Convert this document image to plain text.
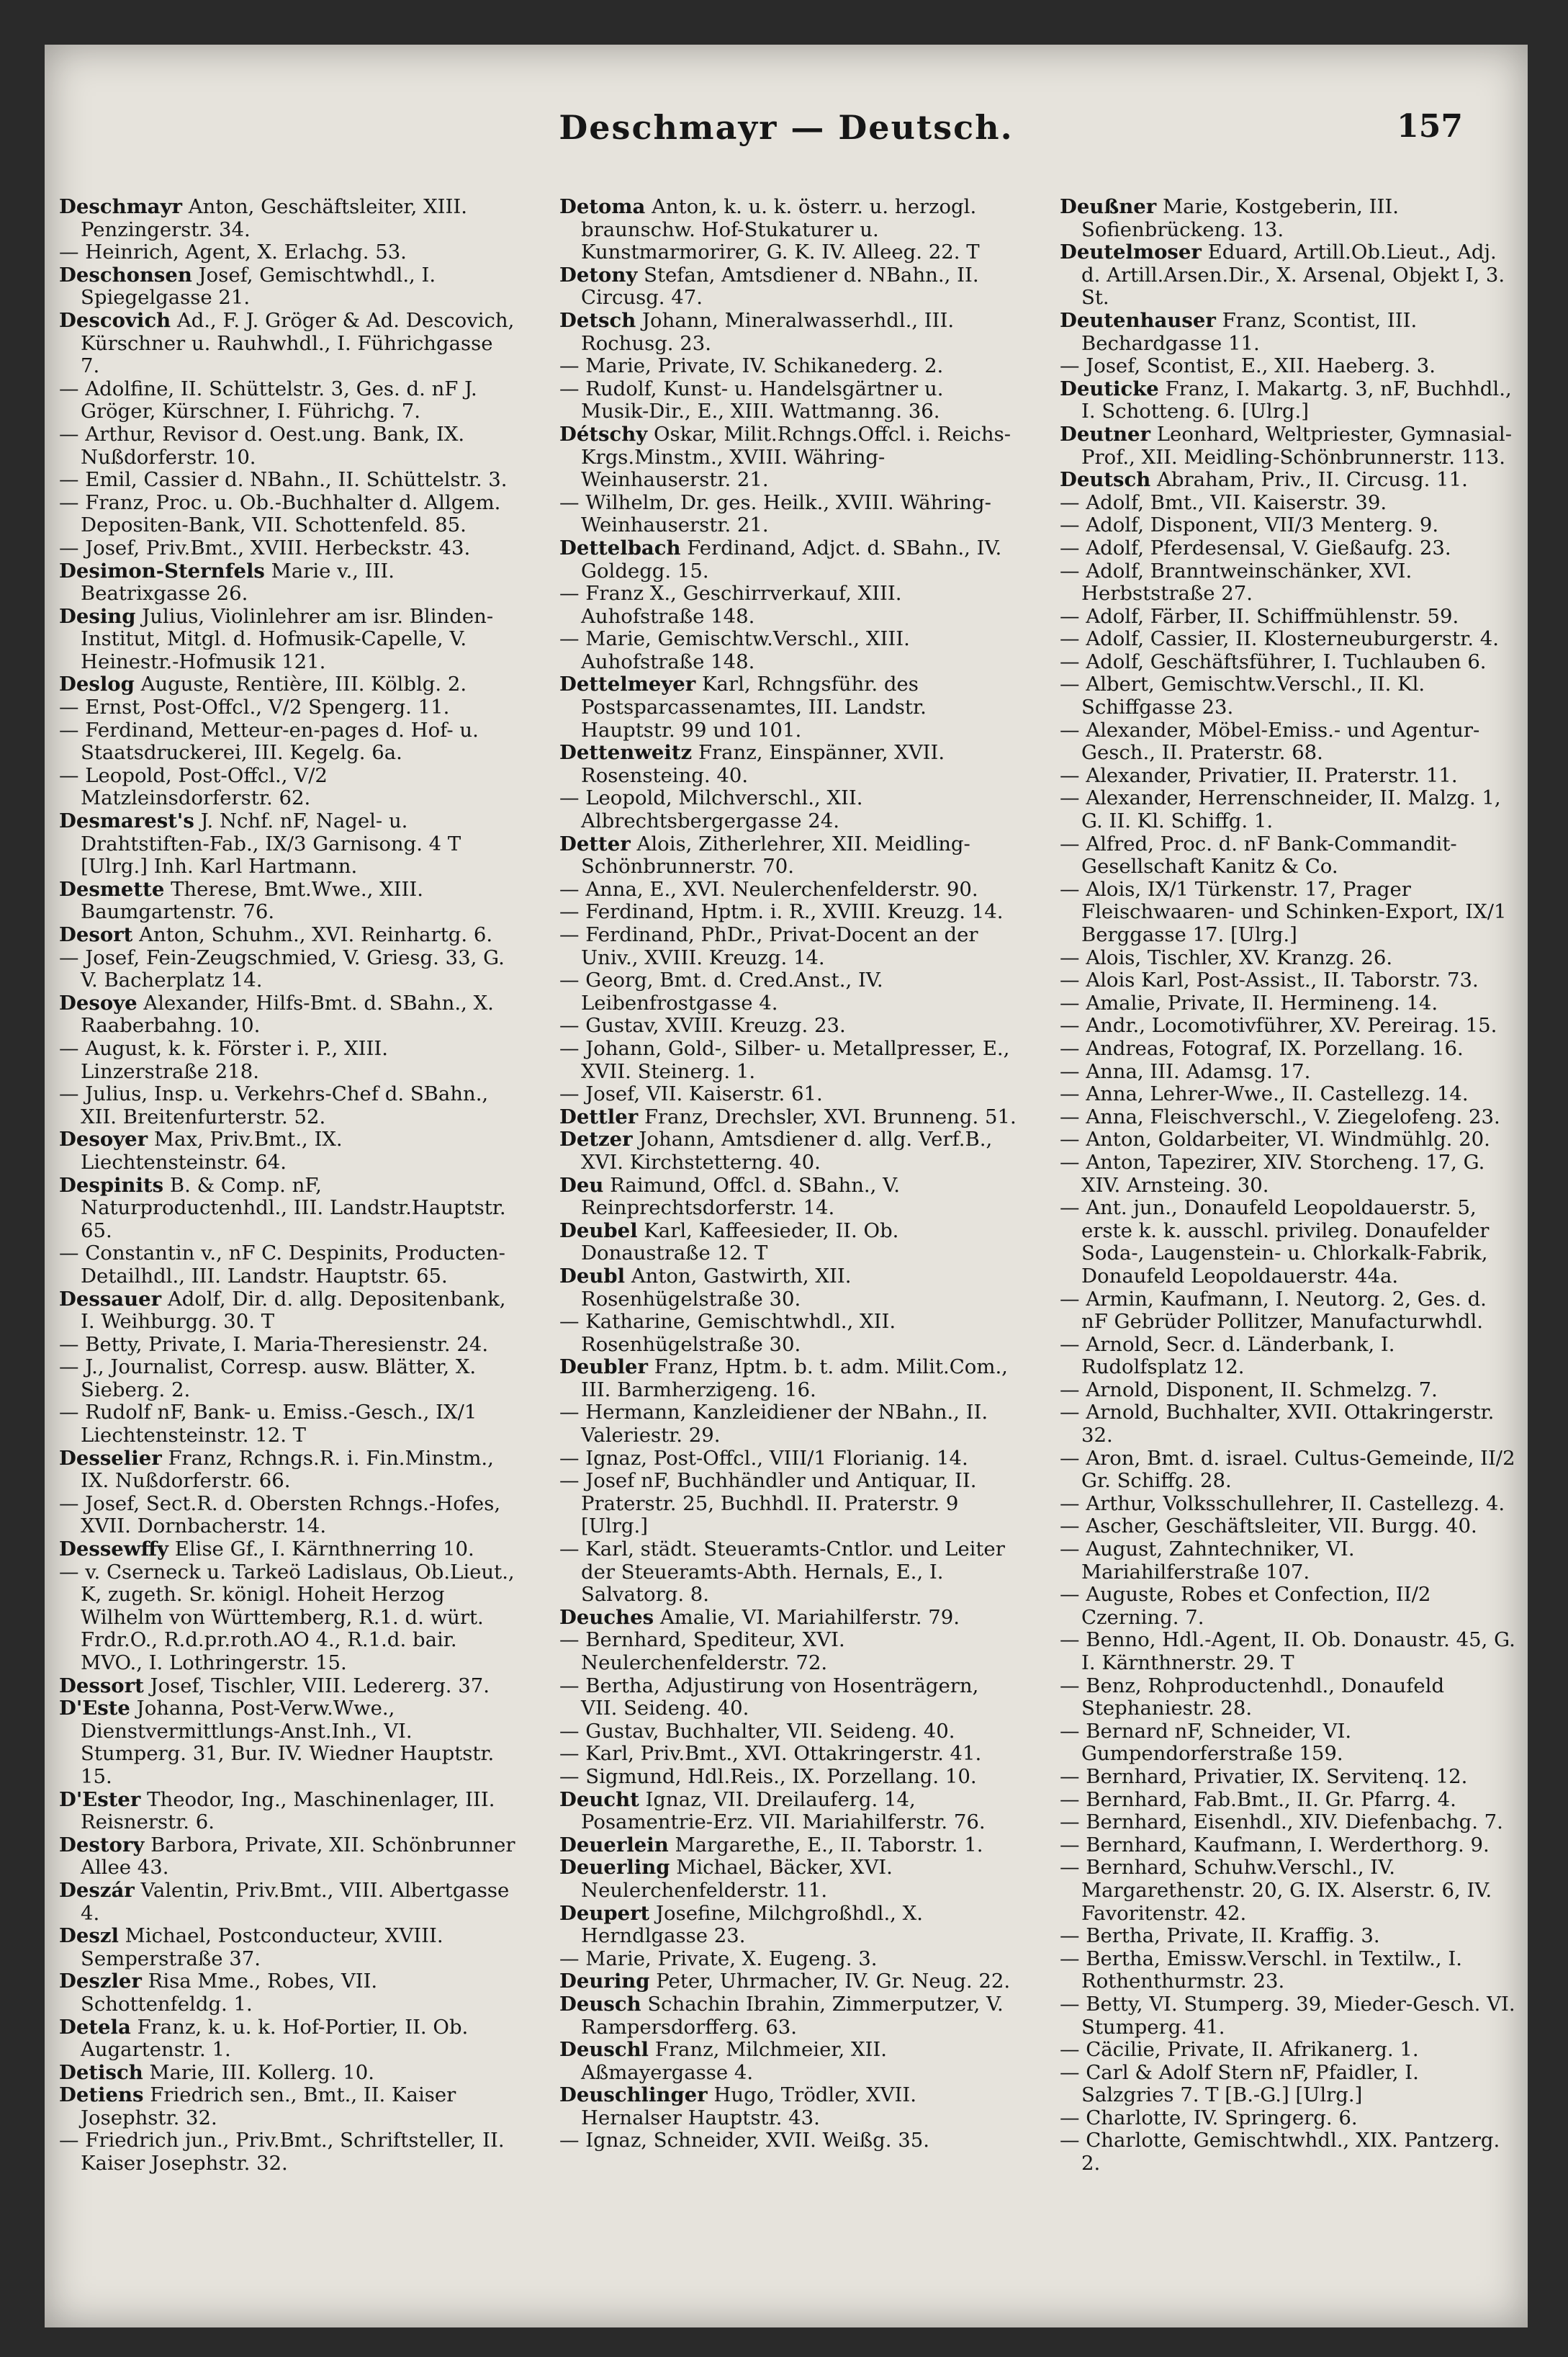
Deschmayr — Deutsch.	157
Deschmayr Anton, Geschäftsleiter, XIII. Penzingerstr. 34.
— Heinrich, Agent, X. Erlachg. 53.
Deschonsen Josef, Gemischtwhdl., I. Spiegelgasse 21.
Descovich Ad., F. J. Gröger & Ad. Descovich, Kürschner u. Rauhwhdl., I. Führichgasse 7.
— Adolfine, II. Schüttelstr. 3, Ges. d. nF J. Gröger, Kürschner, I. Führichg. 7.
— Arthur, Revisor d. Oest.ung. Bank, IX. Nußdorferstr. 10.
— Emil, Cassier d. NBahn., II. Schüttelstr. 3.
— Franz, Proc. u. Ob.-Buchhalter d. Allgem. Depositen-Bank, VII. Schottenfeld. 85.
— Josef, Priv.Bmt., XVIII. Herbeckstr. 43.
Desimon-Sternfels Marie v., III. Beatrixgasse 26.
Desing Julius, Violinlehrer am isr. Blinden-Institut, Mitgl. d. Hofmusik-Capelle, V. Heinestr.-Hofmusik 121.
Deslog Auguste, Rentière, III. Kölblg. 2.
— Ernst, Post-Offcl., V/2 Spengerg. 11.
— Ferdinand, Metteur-en-pages d. Hof- u. Staatsdruckerei, III. Kegelg. 6a.
— Leopold, Post-Offcl., V/2 Matzleinsdorferstr. 62.
Desmarest's J. Nchf. nF, Nagel- u. Drahtstiften-Fab., IX/3 Garnisong. 4 T [Ulrg.] Inh. Karl Hartmann.
Desmette Therese, Bmt.Wwe., XIII. Baumgartenstr. 76.
Desort Anton, Schuhm., XVI. Reinhartg. 6.
— Josef, Fein-Zeugschmied, V. Griesg. 33, G. V. Bacherplatz 14.
Desoye Alexander, Hilfs-Bmt. d. SBahn., X. Raaberbahng. 10.
— August, k. k. Förster i. P., XIII. Linzerstraße 218.
— Julius, Insp. u. Verkehrs-Chef d. SBahn., XII. Breitenfurterstr. 52.
Desoyer Max, Priv.Bmt., IX. Liechtensteinstr. 64.
Despinits B. & Comp. nF, Naturproductenhdl., III. Landstr.Hauptstr. 65.
— Constantin v., nF C. Despinits, Producten-Detailhdl., III. Landstr. Hauptstr. 65.
Dessauer Adolf, Dir. d. allg. Depositenbank, I. Weihburgg. 30. T
— Betty, Private, I. Maria-Theresienstr. 24.
— J., Journalist, Corresp. ausw. Blätter, X. Sieberg. 2.
— Rudolf nF, Bank- u. Emiss.-Gesch., IX/1 Liechtensteinstr. 12. T
Desselier Franz, Rchngs.R. i. Fin.Minstm., IX. Nußdorferstr. 66.
— Josef, Sect.R. d. Obersten Rchngs.-Hofes, XVII. Dornbacherstr. 14.
Dessewffy Elise Gf., I. Kärnthnerring 10.
— v. Cserneck u. Tarkeö Ladislaus, Ob.Lieut., K, zugeth. Sr. königl. Hoheit Herzog Wilhelm von Württemberg, R.1. d. würt. Frdr.O., R.d.pr.roth.AO 4., R.1.d. bair. MVO., I. Lothringerstr. 15.
Dessort Josef, Tischler, VIII. Ledererg. 37.
D'Este Johanna, Post-Verw.Wwe., Dienstvermittlungs-Anst.Inh., VI. Stumperg. 31, Bur. IV. Wiedner Hauptstr. 15.
D'Ester Theodor, Ing., Maschinenlager, III. Reisnerstr. 6.
Destory Barbora, Private, XII. Schönbrunner Allee 43.
Deszár Valentin, Priv.Bmt., VIII. Albertgasse 4.
Deszl Michael, Postconducteur, XVIII. Semperstraße 37.
Deszler Risa Mme., Robes, VII. Schottenfeldg. 1.
Detela Franz, k. u. k. Hof-Portier, II. Ob. Augartenstr. 1.
Detisch Marie, III. Kollerg. 10.
Detiens Friedrich sen., Bmt., II. Kaiser Josephstr. 32.
— Friedrich jun., Priv.Bmt., Schriftsteller, II. Kaiser Josephstr. 32.
Detoma Anton, k. u. k. österr. u. herzogl. braunschw. Hof-Stukaturer u. Kunstmarmorirer, G. K. IV. Alleeg. 22. T
Detony Stefan, Amtsdiener d. NBahn., II. Circusg. 47.
Detsch Johann, Mineralwasserhdl., III. Rochusg. 23.
— Marie, Private, IV. Schikanederg. 2.
— Rudolf, Kunst- u. Handelsgärtner u. Musik-Dir., E., XIII. Wattmanng. 36.
Détschy Oskar, Milit.Rchngs.Offcl. i. Reichs-Krgs.Minstm., XVIII. Währing-Weinhauserstr. 21.
— Wilhelm, Dr. ges. Heilk., XVIII. Währing-Weinhauserstr. 21.
Dettelbach Ferdinand, Adjct. d. SBahn., IV. Goldegg. 15.
— Franz X., Geschirrverkauf, XIII. Auhofstraße 148.
— Marie, Gemischtw.Verschl., XIII. Auhofstraße 148.
Dettelmeyer Karl, Rchngsführ. des Postsparcassenamtes, III. Landstr. Hauptstr. 99 und 101.
Dettenweitz Franz, Einspänner, XVII. Rosensteing. 40.
— Leopold, Milchverschl., XII. Albrechtsbergergasse 24.
Detter Alois, Zitherlehrer, XII. Meidling-Schönbrunnerstr. 70.
— Anna, E., XVI. Neulerchenfelderstr. 90.
— Ferdinand, Hptm. i. R., XVIII. Kreuzg. 14.
— Ferdinand, PhDr., Privat-Docent an der Univ., XVIII. Kreuzg. 14.
— Georg, Bmt. d. Cred.Anst., IV. Leibenfrostgasse 4.
— Gustav, XVIII. Kreuzg. 23.
— Johann, Gold-, Silber- u. Metallpresser, E., XVII. Steinerg. 1.
— Josef, VII. Kaiserstr. 61.
Dettler Franz, Drechsler, XVI. Brunneng. 51.
Detzer Johann, Amtsdiener d. allg. Verf.B., XVI. Kirchstetterng. 40.
Deu Raimund, Offcl. d. SBahn., V. Reinprechtsdorferstr. 14.
Deubel Karl, Kaffeesieder, II. Ob. Donaustraße 12. T
Deubl Anton, Gastwirth, XII. Rosenhügelstraße 30.
— Katharine, Gemischtwhdl., XII. Rosenhügelstraße 30.
Deubler Franz, Hptm. b. t. adm. Milit.Com., III. Barmherzigeng. 16.
— Hermann, Kanzleidiener der NBahn., II. Valeriestr. 29.
— Ignaz, Post-Offcl., VIII/1 Florianig. 14.
— Josef nF, Buchhändler und Antiquar, II. Praterstr. 25, Buchhdl. II. Praterstr. 9 [Ulrg.]
— Karl, städt. Steueramts-Cntlor. und Leiter der Steueramts-Abth. Hernals, E., I. Salvatorg. 8.
Deuches Amalie, VI. Mariahilferstr. 79.
— Bernhard, Spediteur, XVI. Neulerchenfelderstr. 72.
— Bertha, Adjustirung von Hosenträgern, VII. Seideng. 40.
— Gustav, Buchhalter, VII. Seideng. 40.
— Karl, Priv.Bmt., XVI. Ottakringerstr. 41.
— Sigmund, Hdl.Reis., IX. Porzellang. 10.
Deucht Ignaz, VII. Dreilauferg. 14, Posamentrie-Erz. VII. Mariahilferstr. 76.
Deuerlein Margarethe, E., II. Taborstr. 1.
Deuerling Michael, Bäcker, XVI. Neulerchenfelderstr. 11.
Deupert Josefine, Milchgroßhdl., X. Herndlgasse 23.
— Marie, Private, X. Eugeng. 3.
Deuring Peter, Uhrmacher, IV. Gr. Neug. 22.
Deusch Schachin Ibrahin, Zimmerputzer, V. Rampersdorfferg. 63.
Deuschl Franz, Milchmeier, XII. Aßmayergasse 4.
Deuschlinger Hugo, Trödler, XVII. Hernalser Hauptstr. 43.
— Ignaz, Schneider, XVII. Weißg. 35.
Deußner Marie, Kostgeberin, III. Sofienbrückeng. 13.
Deutelmoser Eduard, Artill.Ob.Lieut., Adj. d. Artill.Arsen.Dir., X. Arsenal, Objekt I, 3. St.
Deutenhauser Franz, Scontist, III. Bechardgasse 11.
— Josef, Scontist, E., XII. Haeberg. 3.
Deuticke Franz, I. Makartg. 3, nF, Buchhdl., I. Schotteng. 6. [Ulrg.]
Deutner Leonhard, Weltpriester, Gymnasial-Prof., XII. Meidling-Schönbrunnerstr. 113.
Deutsch Abraham, Priv., II. Circusg. 11.
— Adolf, Bmt., VII. Kaiserstr. 39.
— Adolf, Disponent, VII/3 Menterg. 9.
— Adolf, Pferdesensal, V. Gießaufg. 23.
— Adolf, Branntweinschänker, XVI. Herbststraße 27.
— Adolf, Färber, II. Schiffmühlenstr. 59.
— Adolf, Cassier, II. Klosterneuburgerstr. 4.
— Adolf, Geschäftsführer, I. Tuchlauben 6.
— Albert, Gemischtw.Verschl., II. Kl. Schiffgasse 23.
— Alexander, Möbel-Emiss.- und Agentur-Gesch., II. Praterstr. 68.
— Alexander, Privatier, II. Praterstr. 11.
— Alexander, Herrenschneider, II. Malzg. 1, G. II. Kl. Schiffg. 1.
— Alfred, Proc. d. nF Bank-Commandit-Gesellschaft Kanitz & Co.
— Alois, IX/1 Türkenstr. 17, Prager Fleischwaaren- und Schinken-Export, IX/1 Berggasse 17. [Ulrg.]
— Alois, Tischler, XV. Kranzg. 26.
— Alois Karl, Post-Assist., II. Taborstr. 73.
— Amalie, Private, II. Hermineng. 14.
— Andr., Locomotivführer, XV. Pereirag. 15.
— Andreas, Fotograf, IX. Porzellang. 16.
— Anna, III. Adamsg. 17.
— Anna, Lehrer-Wwe., II. Castellezg. 14.
— Anna, Fleischverschl., V. Ziegelofeng. 23.
— Anton, Goldarbeiter, VI. Windmühlg. 20.
— Anton, Tapezirer, XIV. Storcheng. 17, G. XIV. Arnsteing. 30.
— Ant. jun., Donaufeld Leopoldauerstr. 5, erste k. k. ausschl. privileg. Donaufelder Soda-, Laugenstein- u. Chlorkalk-Fabrik, Donaufeld Leopoldauerstr. 44a.
— Armin, Kaufmann, I. Neutorg. 2, Ges. d. nF Gebrüder Pollitzer, Manufacturwhdl.
— Arnold, Secr. d. Länderbank, I. Rudolfsplatz 12.
— Arnold, Disponent, II. Schmelzg. 7.
— Arnold, Buchhalter, XVII. Ottakringerstr. 32.
— Aron, Bmt. d. israel. Cultus-Gemeinde, II/2 Gr. Schiffg. 28.
— Arthur, Volksschullehrer, II. Castellezg. 4.
— Ascher, Geschäftsleiter, VII. Burgg. 40.
— August, Zahntechniker, VI. Mariahilferstraße 107.
— Auguste, Robes et Confection, II/2 Czerning. 7.
— Benno, Hdl.-Agent, II. Ob. Donaustr. 45, G. I. Kärnthnerstr. 29. T
— Benz, Rohproductenhdl., Donaufeld Stephaniestr. 28.
— Bernard nF, Schneider, VI. Gumpendorferstraße 159.
— Bernhard, Privatier, IX. Servitenq. 12.
— Bernhard, Fab.Bmt., II. Gr. Pfarrg. 4.
— Bernhard, Eisenhdl., XIV. Diefenbachg. 7.
— Bernhard, Kaufmann, I. Werderthorg. 9.
— Bernhard, Schuhw.Verschl., IV. Margarethenstr. 20, G. IX. Alserstr. 6, IV. Favoritenstr. 42.
— Bertha, Private, II. Kraffig. 3.
— Bertha, Emissw.Verschl. in Textilw., I. Rothenthurmstr. 23.
— Betty, VI. Stumperg. 39, Mieder-Gesch. VI. Stumperg. 41.
— Cäcilie, Private, II. Afrikanerg. 1.
— Carl & Adolf Stern nF, Pfaidler, I. Salzgries 7. T [B.-G.] [Ulrg.]
— Charlotte, IV. Springerg. 6.
— Charlotte, Gemischtwhdl., XIX. Pantzerg. 2.
